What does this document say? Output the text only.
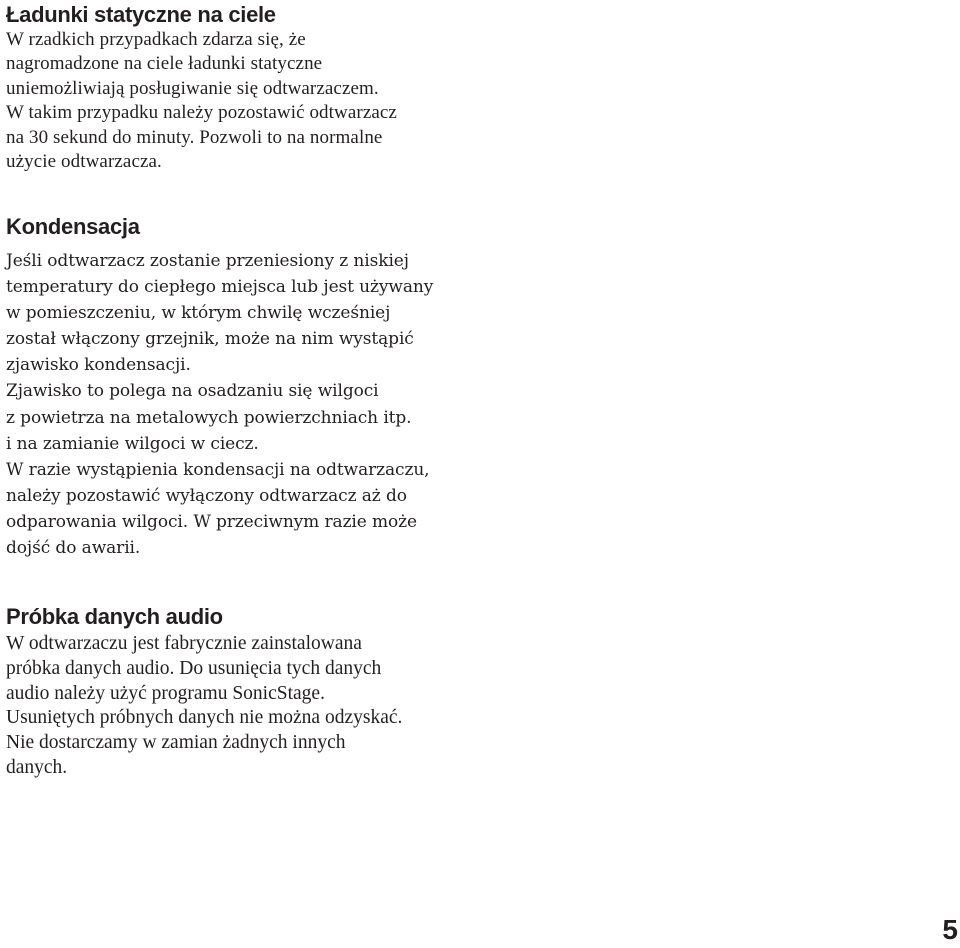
Ładunki statyczne na ciele

W rzadkich przypadkach zdarza się, że
nagromadzone na ciele ładunki statyczne
uniemożliwiają posługiwanie się odtwarzaczem.
W takim przypadku należy pozostawić odtwarzacz
na 30 sekund do minuty. Pozwoli to na normalne
użycie odtwarzacza.

Kondensacja

Jeśli odtwarzacz zostanie przeniesiony z niskiej
temperatury do ciepłego miejsca lub jest używany
w pomieszczeniu, w którym chwilę wcześniej
został włączony grzejnik, może na nim wystąpić
zjawisko kondensacji.
Zjawisko to polega na osadzaniu się wilgoci
z powietrza na metalowych powierzchniach itp.
i na zamianie wilgoci w ciecz.
W razie wystąpienia kondensacji na odtwarzaczu,
należy pozostawić wyłączony odtwarzacz aż do
odparowania wilgoci. W przeciwnym razie może
dojść do awarii.

Próbka danych audio

W odtwarzaczu jest fabrycznie zainstalowana
próbka danych audio. Do usunięcia tych danych
audio należy użyć programu SonicStage.
Usuniętych próbnych danych nie można odzyskać.
Nie dostarczamy w zamian żadnych innych
danych.

5
